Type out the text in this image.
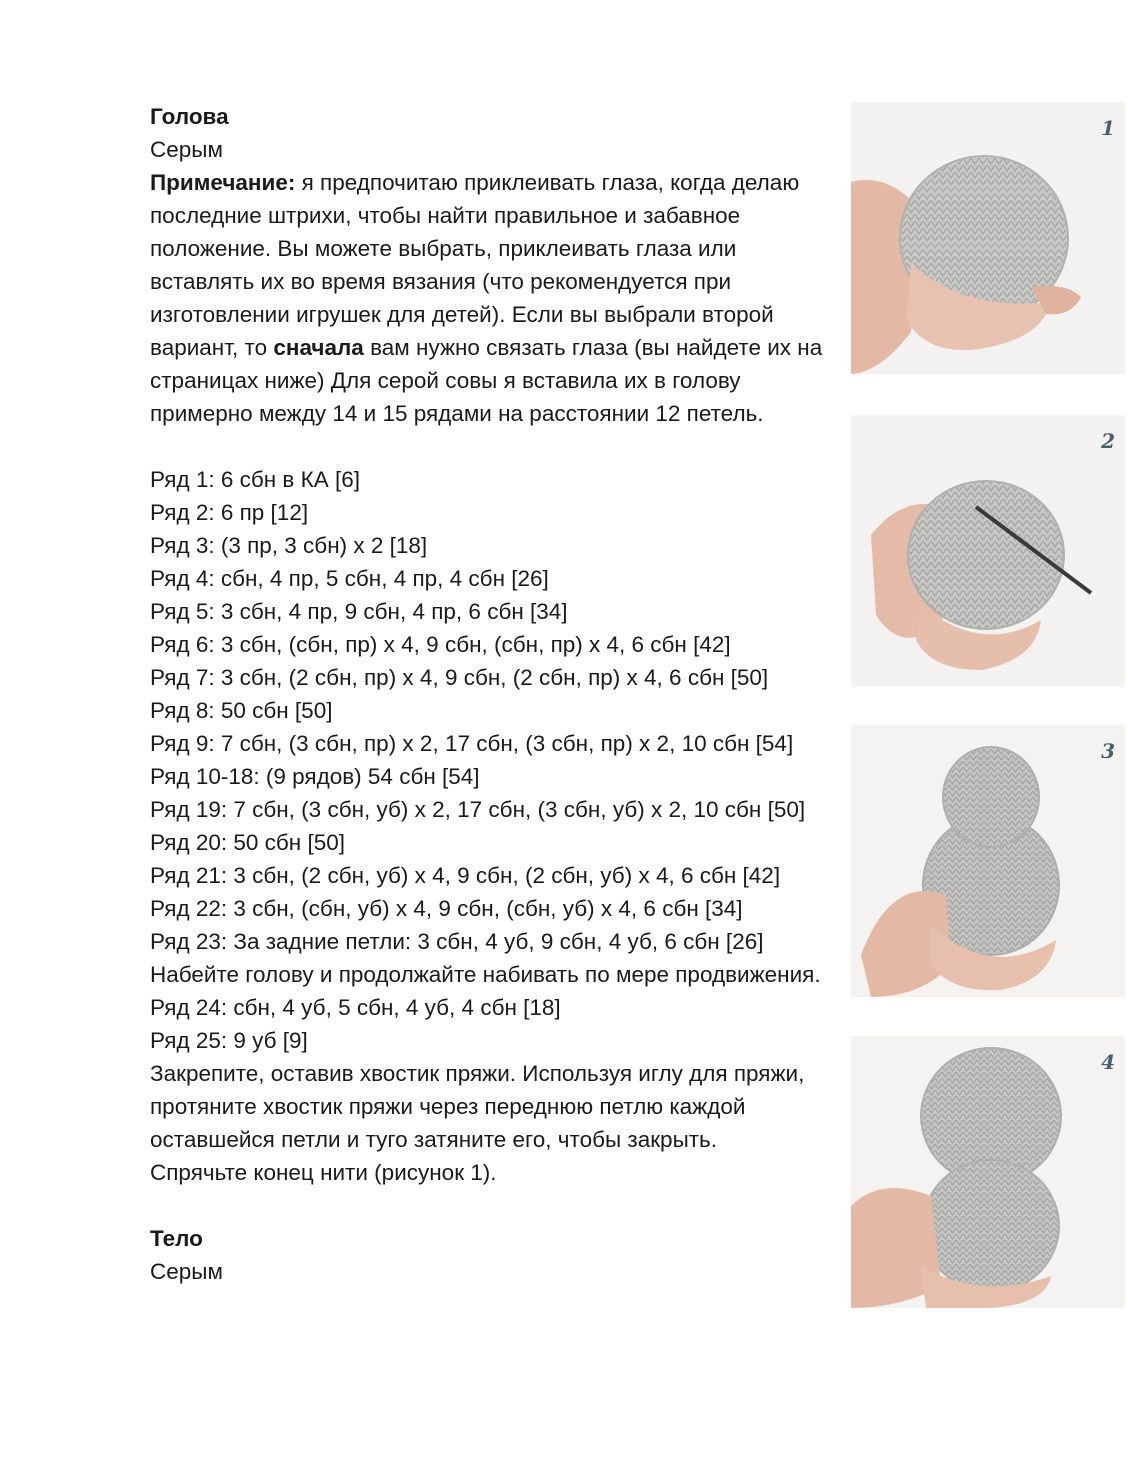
Голова

Серым

Примечание: я предпочитаю приклеивать глаза, когда делаю последние штрихи, чтобы найти правильное и забавное положение. Вы можете выбрать, приклеивать глаза или вставлять их во время вязания (что рекомендуется при изготовлении игрушек для детей). Если вы выбрали второй вариант, то сначала вам нужно связать глаза (вы найдете их на страницах ниже) Для серой совы я вставила их в голову примерно между 14 и 15 рядами на расстоянии 12 петель.

Ряд 1: 6 сбн в КА [6]

Ряд 2: 6 пр [12]

Ряд 3: (3 пр, 3 сбн) х 2 [18]

Ряд 4: сбн, 4 пр, 5 сбн, 4 пр, 4 сбн [26]

Ряд 5: 3 сбн, 4 пр, 9 сбн, 4 пр, 6 сбн [34]

Ряд 6: 3 сбн, (сбн, пр) х 4, 9 сбн, (сбн, пр) х 4, 6 сбн [42]

Ряд 7: 3 сбн, (2 сбн, пр) х 4, 9 сбн, (2 сбн, пр) х 4, 6 сбн [50]

Ряд 8: 50 сбн [50]

Ряд 9: 7 сбн, (3 сбн, пр) х 2, 17 сбн, (3 сбн, пр) х 2, 10 сбн [54]

Ряд 10-18: (9 рядов) 54 сбн [54]

Ряд 19: 7 сбн, (3 сбн, уб) х 2, 17 сбн, (3 сбн, уб) х 2, 10 сбн [50]

Ряд 20: 50 сбн [50]

Ряд 21: 3 сбн, (2 сбн, уб) х 4, 9 сбн, (2 сбн, уб) х 4, 6 сбн [42]

Ряд 22: 3 сбн, (сбн, уб) х 4, 9 сбн, (сбн, уб) х 4, 6 сбн [34]

Ряд 23: За задние петли: 3 сбн, 4 уб, 9 сбн, 4 уб, 6 сбн [26]

Набейте голову и продолжайте набивать по мере продвижения.

Ряд 24: сбн, 4 уб, 5 сбн, 4 уб, 4 сбн [18]

Ряд 25: 9 уб [9]

Закрепите, оставив хвостик пряжи. Используя иглу для пряжи, протяните хвостик пряжи через переднюю петлю каждой оставшейся петли и туго затяните его, чтобы закрыть.

Спрячьте конец нити (рисунок 1).

Тело

Серым

1
2
3
4
